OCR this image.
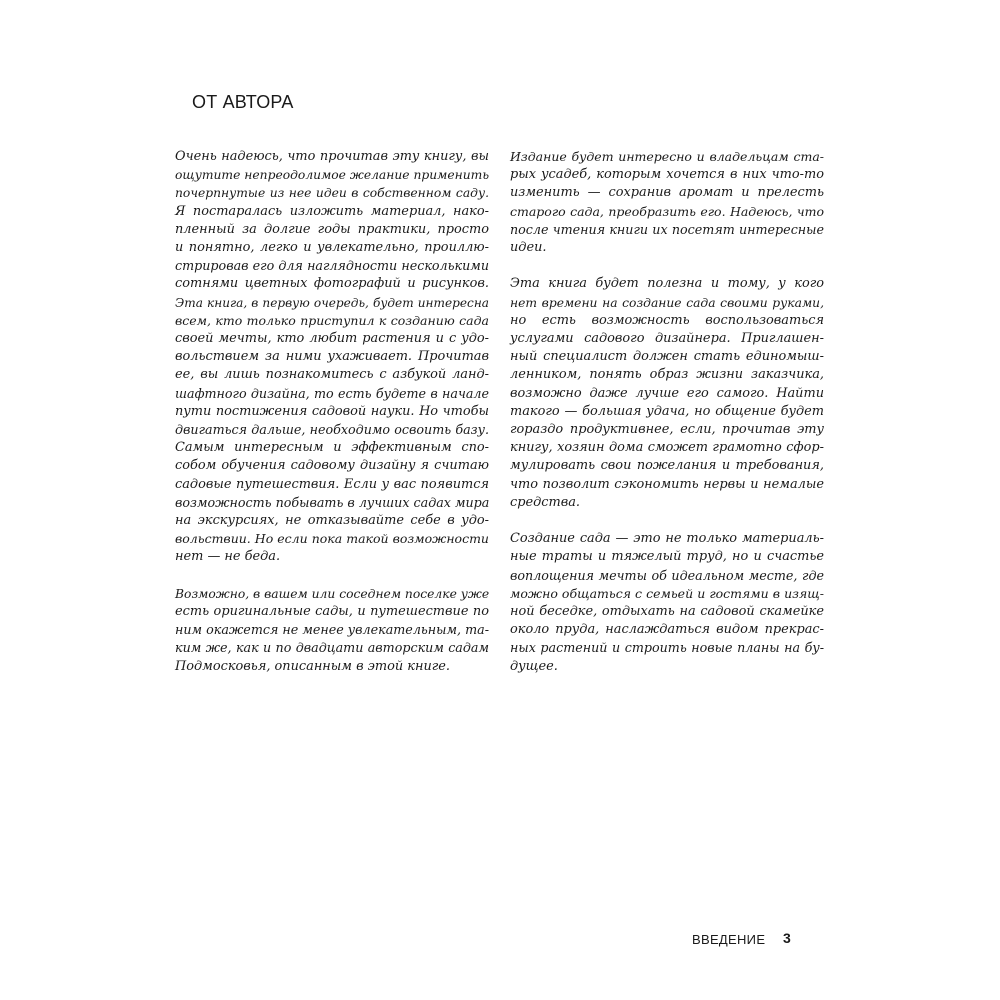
ОТ АВТОРА

Очень надеюсь, что прочитав эту книгу, вы
ощутите непреодолимое желание применить
почерпнутые из нее идеи в собственном саду.
Я постаралась изложить материал, нако-
пленный за долгие годы практики, просто
и понятно, легко и увлекательно, проиллю-
стрировав его для наглядности несколькими
сотнями цветных фотографий и рисунков.
Эта книга, в первую очередь, будет интересна
всем, кто только приступил к созданию сада
своей мечты, кто любит растения и с удо-
вольствием за ними ухаживает. Прочитав
ее, вы лишь познакомитесь с азбукой ланд-
шафтного дизайна, то есть будете в начале
пути постижения садовой науки. Но чтобы
двигаться дальше, необходимо освоить базу.
Самым интересным и эффективным спо-
собом обучения садовому дизайну я считаю
садовые путешествия. Если у вас появится
возможность побывать в лучших садах мира
на экскурсиях, не отказывайте себе в удо-
вольствии. Но если пока такой возможности
нет — не беда.

Возможно, в вашем или соседнем поселке уже
есть оригинальные сады, и путешествие по
ним окажется не менее увлекательным, та-
ким же, как и по двадцати авторским садам
Подмосковья, описанным в этой книге.

Издание будет интересно и владельцам ста-
рых усадеб, которым хочется в них что-то
изменить — сохранив аромат и прелесть
старого сада, преобразить его. Надеюсь, что
после чтения книги их посетят интересные
идеи.

Эта книга будет полезна и тому, у кого
нет времени на создание сада своими руками,
но есть возможность воспользоваться
услугами садового дизайнера. Приглашен-
ный специалист должен стать единомыш-
ленником, понять образ жизни заказчика,
возможно даже лучше его самого. Найти
такого — большая удача, но общение будет
гораздо продуктивнее, если, прочитав эту
книгу, хозяин дома сможет грамотно сфор-
мулировать свои пожелания и требования,
что позволит сэкономить нервы и немалые
средства.

Создание сада — это не только материаль-
ные траты и тяжелый труд, но и счастье
воплощения мечты об идеальном месте, где
можно общаться с семьей и гостями в изящ-
ной беседке, отдыхать на садовой скамейке
около пруда, наслаждаться видом прекрас-
ных растений и строить новые планы на бу-
дущее.

ВВЕДЕНИЕ 3
